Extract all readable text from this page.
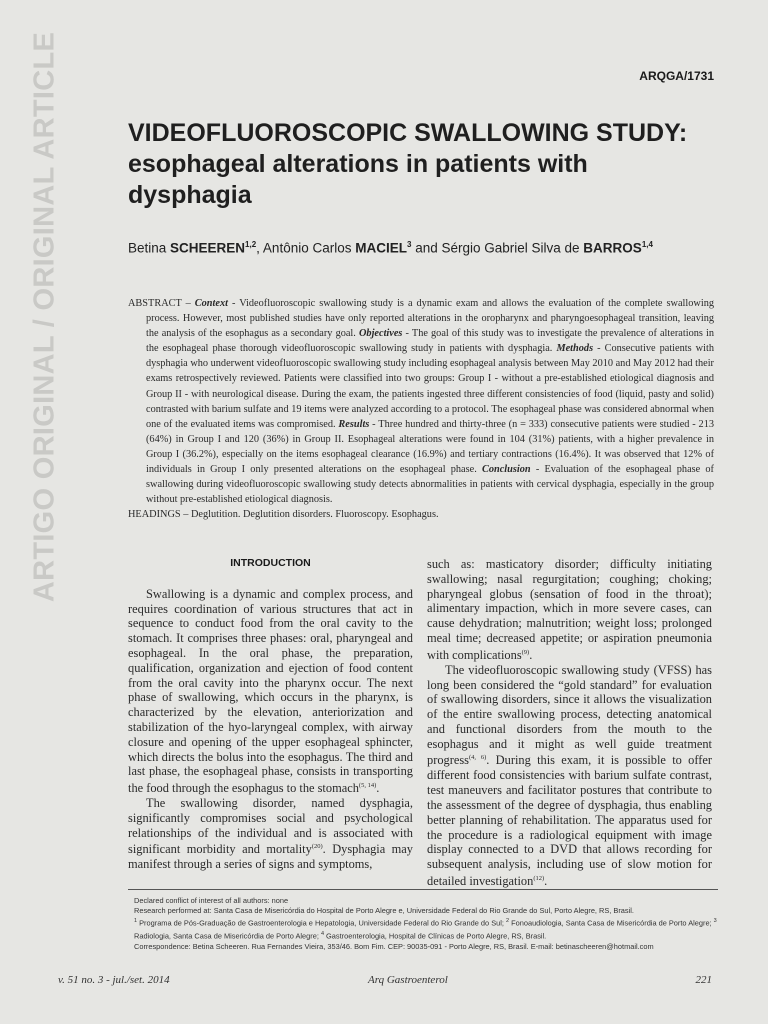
ARTIGO ORIGINAL / ORIGINAL ARTICLE	ARQGA/1731
VIDEOFLUOROSCOPIC SWALLOWING STUDY: esophageal alterations in patients with dysphagia
Betina SCHEEREN$^{1,2}$, Antônio Carlos MACIEL$^3$ and Sérgio Gabriel Silva de BARROS$^{1,4}$

ABSTRACT – Context - Videofluoroscopic swallowing study is a dynamic exam and allows the evaluation of the complete swallowing process. However, most published studies have only reported alterations in the oropharynx and pharyngoesophageal transition, leaving the analysis of the esophagus as a secondary goal. Objectives - The goal of this study was to investigate the prevalence of alterations in the esophageal phase thorough videofluoroscopic swallowing study in patients with dysphagia. Methods - Consecutive patients with dysphagia who underwent videofluoroscopic swallowing study including esophageal analysis between May 2010 and May 2012 had their exams retrospectively reviewed. Patients were classified into two groups: Group I - without a pre-established etiological diagnosis and Group II - with neurological disease. During the exam, the patients ingested three different consistencies of food (liquid, pasty and solid) contrasted with barium sulfate and 19 items were analyzed according to a protocol. The esophageal phase was considered abnormal when one of the evaluated items was compromised. Results - Three hundred and thirty-three (n = 333) consecutive patients were studied - 213 (64%) in Group I and 120 (36%) in Group II. Esophageal alterations were found in 104 (31%) patients, with a higher prevalence in Group I (36.2%), especially on the items esophageal clearance (16.9%) and tertiary contractions (16.4%). It was observed that 12% of individuals in Group I only presented alterations on the esophageal phase. Conclusion - Evaluation of the esophageal phase of swallowing during videofluoroscopic swallowing study detects abnormalities in patients with cervical dysphagia, especially in the group without pre-established etiological diagnosis.

HEADINGS – Deglutition. Deglutition disorders. Fluoroscopy. Esophagus.

INTRODUCTION

Swallowing is a dynamic and complex process, and requires coordination of various structures that act in sequence to conduct food from the oral cavity to the stomach. It comprises three phases: oral, pharyngeal and esophageal. In the oral phase, the preparation, qualification, organization and ejection of food content from the oral cavity into the pharynx occur. The next phase of swallowing, which occurs in the pharynx, is characterized by the elevation, anteriorization and stabilization of the hyo-laryngeal complex, with airway closure and opening of the upper esophageal sphincter, which directs the bolus into the esophagus. The third and last phase, the esophageal phase, consists in transporting the food through the esophagus to the stomach$^{(5, 14)}$.

The swallowing disorder, named dysphagia, significantly compromises social and psychological relationships of the individual and is associated with significant morbidity and mortality$^{(20)}$. Dysphagia may manifest through a series of signs and symptoms,

such as: masticatory disorder; difficulty initiating swallowing; nasal regurgitation; coughing; choking; pharyngeal globus (sensation of food in the throat); alimentary impaction, which in more severe cases, can cause dehydration; malnutrition; weight loss; prolonged meal time; decreased appetite; or aspiration pneumonia with complications$^{(9)}$.

The videofluoroscopic swallowing study (VFSS) has long been considered the “gold standard” for evaluation of swallowing disorders, since it allows the visualization of the entire swallowing process, detecting anatomical and functional disorders from the mouth to the esophagus and it might as well guide treatment progress$^{(4, 6)}$. During this exam, it is possible to offer different food consistencies with barium sulfate contrast, test maneuvers and facilitator postures that contribute to the assessment of the degree of dysphagia, thus enabling better planning of rehabilitation. The apparatus used for the procedure is a radiological equipment with image display connected to a DVD that allows recording for subsequent analysis, including use of slow motion for detailed investigation$^{(12)}$.

Declared conflict of interest of all authors: none

Research performed at: Santa Casa de Misericórdia do Hospital de Porto Alegre e, Universidade Federal do Rio Grande do Sul, Porto Alegre, RS, Brasil.

$^1$ Programa de Pós-Graduação de Gastroenterologia e Hepatologia, Universidade Federal do Rio Grande do Sul; $^2$ Fonoaudiologia, Santa Casa de Misericórdia de Porto Alegre; $^3$ Radiologia, Santa Casa de Misericórdia de Porto Alegre; $^4$ Gastroenterologia, Hospital de Clínicas de Porto Alegre, RS, Brasil.

Correspondence: Betina Scheeren. Rua Fernandes Vieira, 353/46. Bom Fim. CEP: 90035-091 - Porto Alegre, RS, Brasil. E-mail: betinascheeren@hotmail.com

v. 51 no. 3 - jul./set. 2014	Arq Gastroenterol	221
